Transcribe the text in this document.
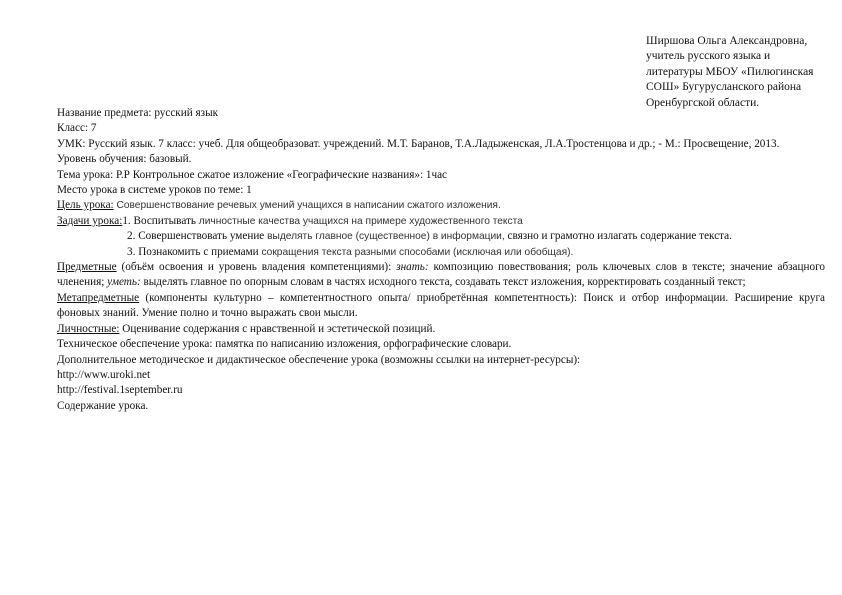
Ширшова Ольга Александровна,
учитель русского языка и
литературы МБОУ «Пилюгинская
СОШ» Бугурусланского района
Оренбургской области.
Название предмета: русский язык
Класс: 7
УМК: Русский язык. 7 класс: учеб. Для общеобразоват. учреждений. М.Т. Баранов, Т.А.Ладыженская, Л.А.Тростенцова и др.; - М.: Просвещение, 2013.
Уровень обучения: базовый.
Тема урока: Р.Р Контрольное сжатое изложение «Географические названия»: 1час
Место урока в системе уроков по теме: 1
Цель урока: Совершенствование речевых умений учащихся в написании сжатого изложения.
Задачи урока:1. Воспитывать личностные качества учащихся на примере художественного текста
2. Совершенствовать умение выделять главное (существенное) в информации, связно и грамотно излагать содержание текста.
3. Познакомить с приемами сокращения текста разными способами (исключая или обобщая).
Предметные (объём освоения и уровень владения компетенциями): знать: композицию повествования; роль ключевых слов в тексте; значение абзацного членения; уметь: выделять главное по опорным словам в частях исходного текста, создавать текст изложения, корректировать созданный текст;
Метапредметные (компоненты культурно – компетентностного опыта/ приобретённая компетентность): Поиск и отбор информации. Расширение круга фоновых знаний. Умение полно и точно выражать свои мысли.
Личностные: Оценивание содержания с нравственной и эстетической позиций.
Техническое обеспечение урока: памятка по написанию изложения, орфографические словари.
Дополнительное методическое и дидактическое обеспечение урока (возможны ссылки на интернет-ресурсы):
http://www.uroki.net
http://festival.1september.ru
Содержание урока.
